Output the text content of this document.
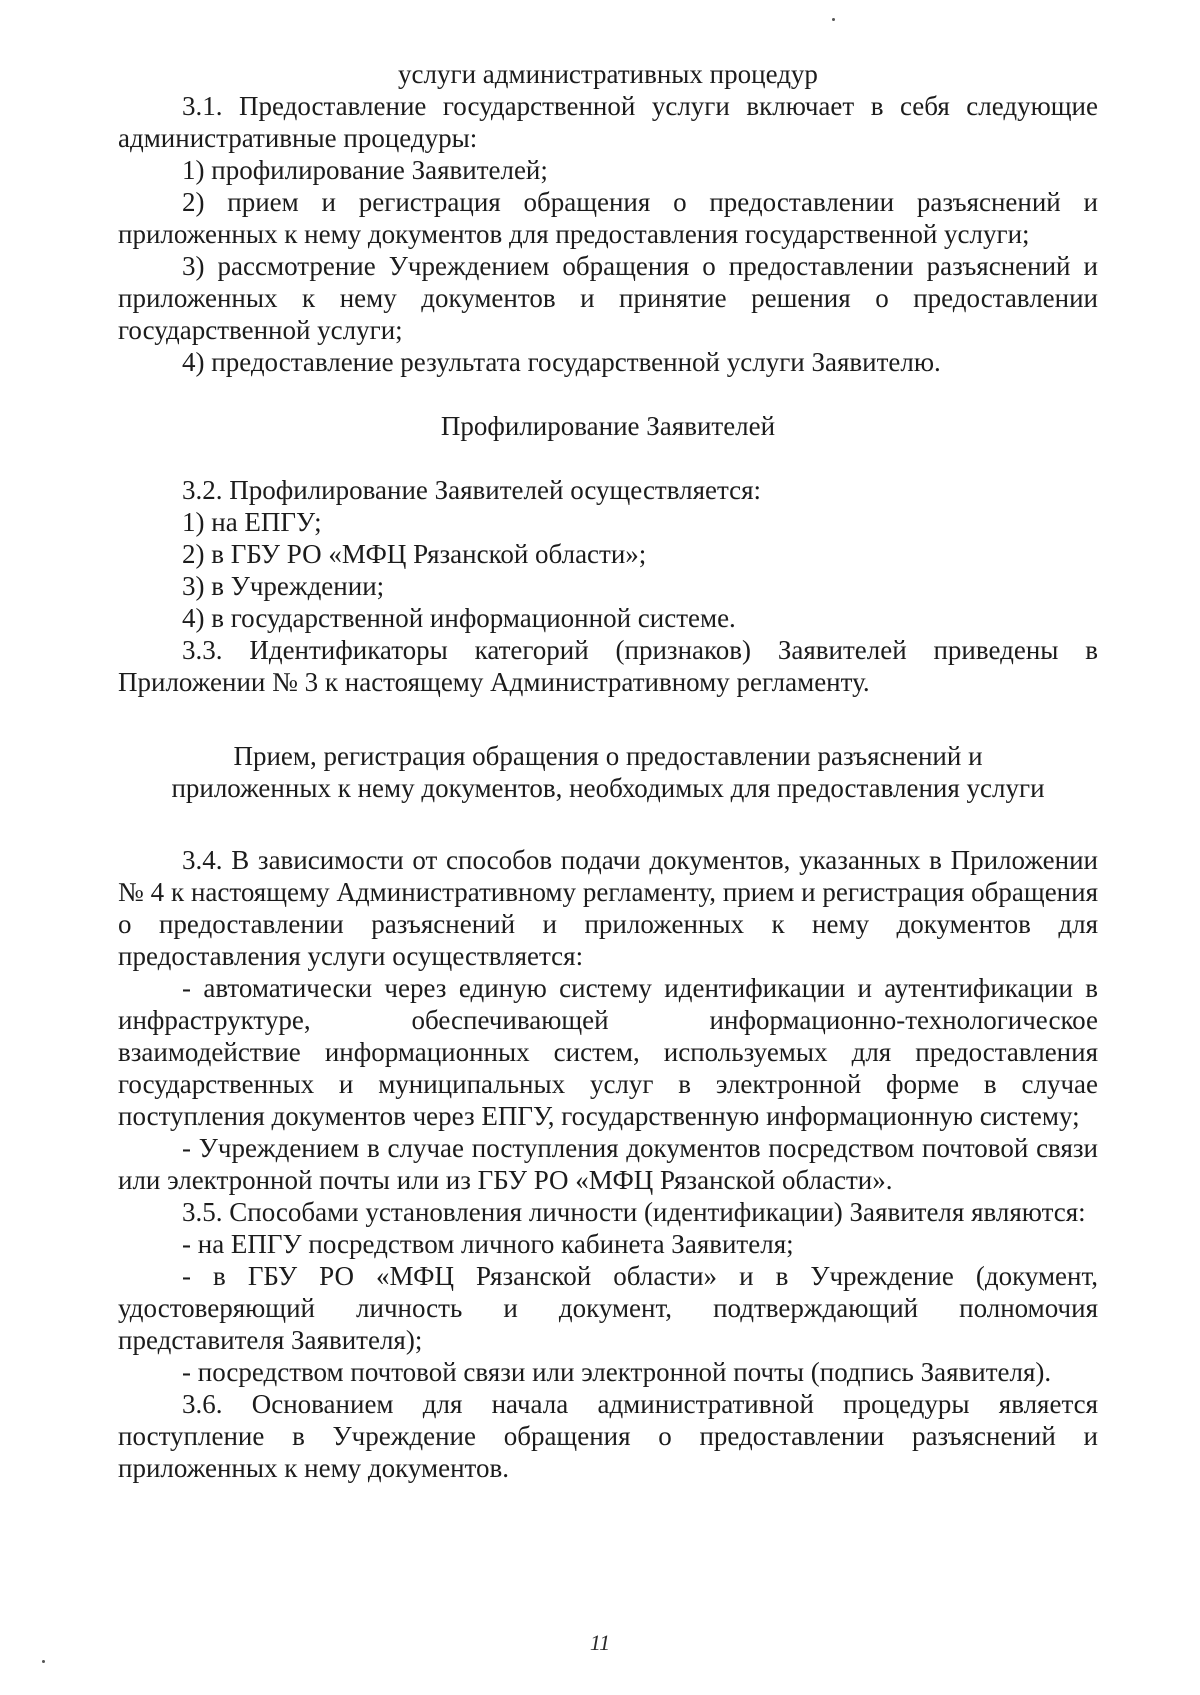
услуги административных процедур

3.1. Предоставление государственной услуги включает в себя следующие административные процедуры:

1) профилирование Заявителей;

2) прием и регистрация обращения о предоставлении разъяснений и приложенных к нему документов для предоставления государственной услуги;

3) рассмотрение Учреждением обращения о предоставлении разъяснений и приложенных к нему документов и принятие решения о предоставлении государственной услуги;

4) предоставление результата государственной услуги Заявителю.

Профилирование Заявителей

3.2. Профилирование Заявителей осуществляется:

1) на ЕПГУ;

2) в ГБУ РО «МФЦ Рязанской области»;

3) в Учреждении;

4) в государственной информационной системе.

3.3. Идентификаторы категорий (признаков) Заявителей приведены в Приложении № 3 к настоящему Административному регламенту.

Прием, регистрация обращения о предоставлении разъяснений и

приложенных к нему документов, необходимых для предоставления услуги

3.4. В зависимости от способов подачи документов, указанных в Приложении № 4 к настоящему Административному регламенту, прием и регистрация обращения о предоставлении разъяснений и приложенных к нему документов для предоставления услуги осуществляется:

- автоматически через единую систему идентификации и аутентификации в инфраструктуре, обеспечивающей информационно-технологическое взаимодействие информационных систем, используемых для предоставления государственных и муниципальных услуг в электронной форме в случае поступления документов через ЕПГУ, государственную информационную систему;

- Учреждением в случае поступления документов посредством почтовой связи или электронной почты или из ГБУ РО «МФЦ Рязанской области».

3.5. Способами установления личности (идентификации) Заявителя являются:

- на ЕПГУ посредством личного кабинета Заявителя;

- в ГБУ РО «МФЦ Рязанской области» и в Учреждение (документ, удостоверяющий личность и документ, подтверждающий полномочия представителя Заявителя);

- посредством почтовой связи или электронной почты (подпись Заявителя).

3.6. Основанием для начала административной процедуры является поступление в Учреждение обращения о предоставлении разъяснений и приложенных к нему документов.

11
